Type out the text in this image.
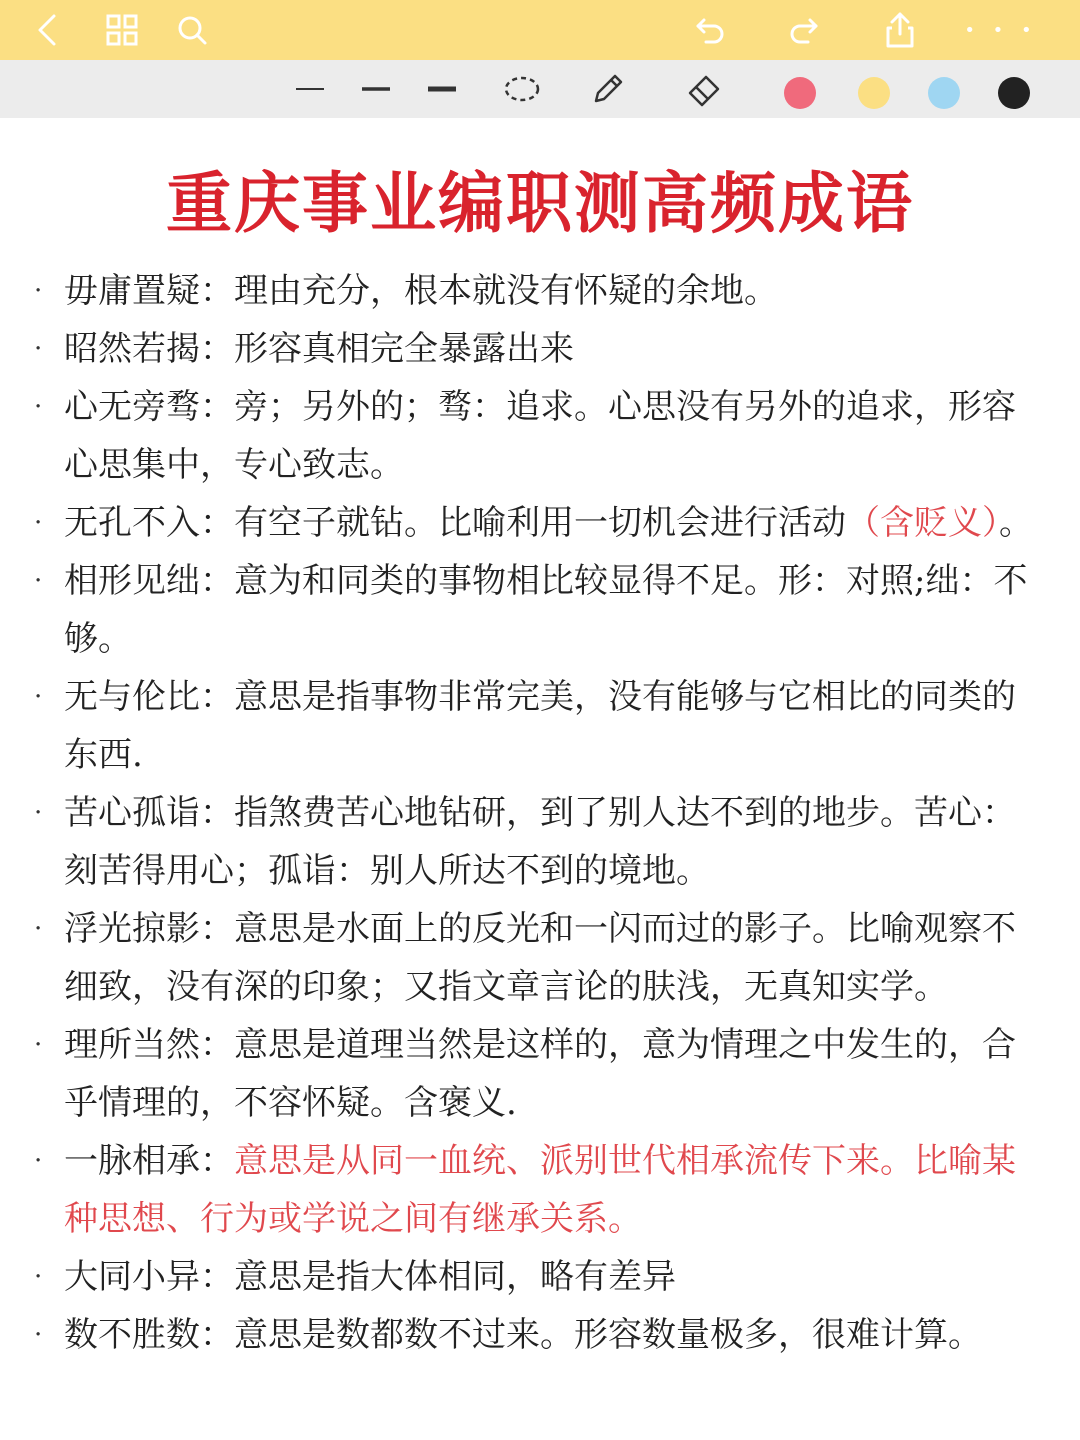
• • •
重庆事业编职测高频成语
· 毋庸置疑：理由充分，根本就没有怀疑的余地。
· 昭然若揭：形容真相完全暴露出来
· 心无旁骛：旁；另外的；骛：追求。心思没有另外的追求，形容心思集中，专心致志。
· 无孔不入：有空子就钻。比喻利用一切机会进行活动（含贬义）。
· 相形见绌：意为和同类的事物相比较显得不足。形：对照;绌：不够。
· 无与伦比：意思是指事物非常完美，没有能够与它相比的同类的东西.
· 苦心孤诣：指煞费苦心地钻研，到了别人达不到的地步。苦心：刻苦得用心；孤诣：别人所达不到的境地。
· 浮光掠影：意思是水面上的反光和一闪而过的影子。比喻观察不细致，没有深的印象；又指文章言论的肤浅，无真知实学。
· 理所当然：意思是道理当然是这样的，意为情理之中发生的，合乎情理的，不容怀疑。含褒义.
· 一脉相承：意思是从同一血统、派别世代相承流传下来。比喻某种思想、行为或学说之间有继承关系。
· 大同小异：意思是指大体相同，略有差异
· 数不胜数：意思是数都数不过来。形容数量极多，很难计算。
